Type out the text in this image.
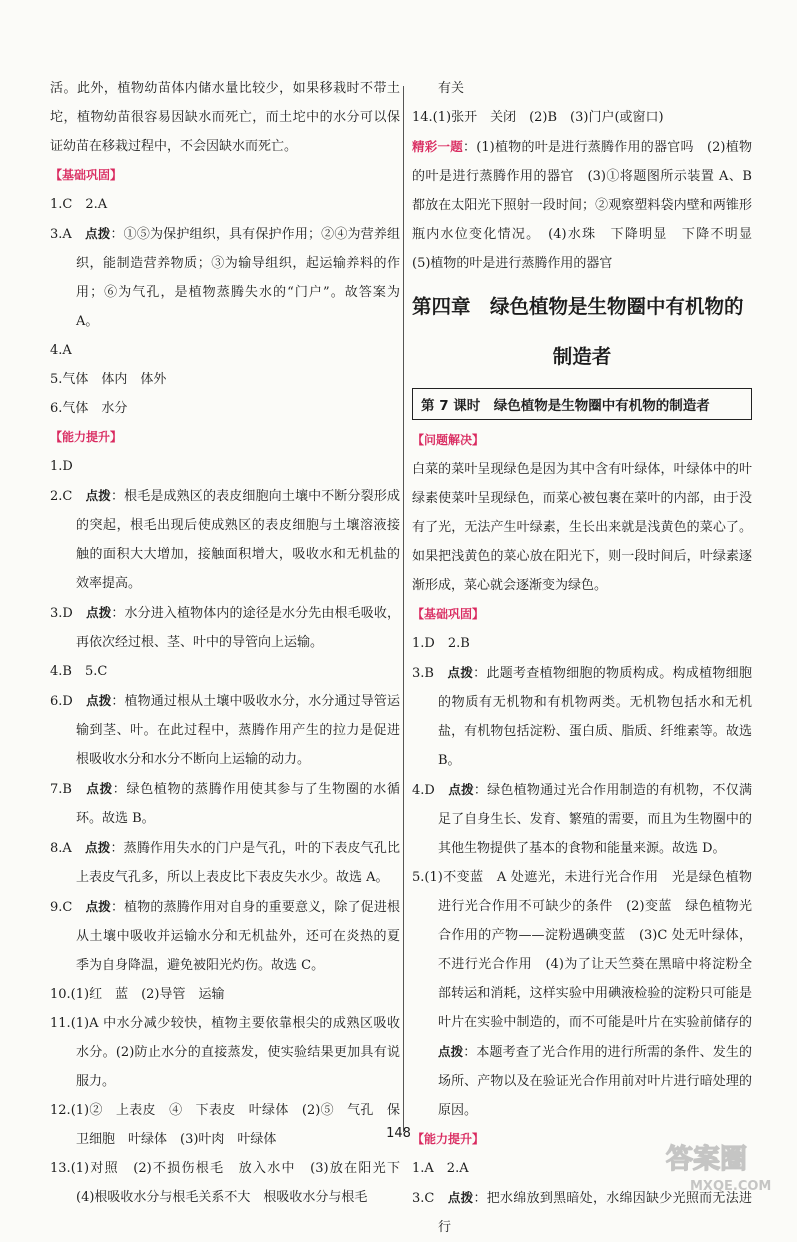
活。此外，植物幼苗体内储水量比较少，如果移栽时不带土坨，植物幼苗很容易因缺水而死亡，而土坨中的水分可以保证幼苗在移栽过程中，不会因缺水而死亡。

【基础巩固】

1.C　2.A

3.A　点拨：①⑤为保护组织，具有保护作用；②④为营养组织，能制造营养物质；③为输导组织，起运输养料的作用；⑥为气孔，是植物蒸腾失水的“门户”。故答案为 A。

4.A

5.气体　体内　体外

6.气体　水分

【能力提升】

1.D

2.C　点拨：根毛是成熟区的表皮细胞向土壤中不断分裂形成的突起，根毛出现后使成熟区的表皮细胞与土壤溶液接触的面积大大增加，接触面积增大，吸收水和无机盐的效率提高。

3.D　点拨：水分进入植物体内的途径是水分先由根毛吸收，再依次经过根、茎、叶中的导管向上运输。

4.B　5.C

6.D　点拨：植物通过根从土壤中吸收水分，水分通过导管运输到茎、叶。在此过程中，蒸腾作用产生的拉力是促进根吸收水分和水分不断向上运输的动力。

7.B　点拨：绿色植物的蒸腾作用使其参与了生物圈的水循环。故选 B。

8.A　点拨：蒸腾作用失水的门户是气孔，叶的下表皮气孔比上表皮气孔多，所以上表皮比下表皮失水少。故选 A。

9.C　点拨：植物的蒸腾作用对自身的重要意义，除了促进根从土壤中吸收并运输水分和无机盐外，还可在炎热的夏季为自身降温，避免被阳光灼伤。故选 C。

10.(1)红　蓝　(2)导管　运输

11.(1)A 中水分减少较快，植物主要依靠根尖的成熟区吸收水分。(2)防止水分的直接蒸发，使实验结果更加具有说服力。

12.(1)②　上表皮　④　下表皮　叶绿体　(2)⑤　气孔　保卫细胞　叶绿体　(3)叶肉　叶绿体

13.(1)对照　(2)不损伤根毛　放入水中　(3)放在阳光下　(4)根吸收水分与根毛关系不大　根吸收水分与根毛

有关

14.(1)张开　关闭　(2)B　(3)门户(或窗口)

精彩一题：(1)植物的叶是进行蒸腾作用的器官吗　(2)植物的叶是进行蒸腾作用的器官　(3)①将题图所示装置 A、B 都放在太阳光下照射一段时间；②观察塑料袋内壁和两锥形瓶内水位变化情况。　(4)水珠　下降明显　下降不明显　(5)植物的叶是进行蒸腾作用的器官

第四章　绿色植物是生物圈中有机物的
制造者
第 7 课时　绿色植物是生物圈中有机物的制造者
【问题解决】

白菜的菜叶呈现绿色是因为其中含有叶绿体，叶绿体中的叶绿素使菜叶呈现绿色，而菜心被包裹在菜叶的内部，由于没有了光，无法产生叶绿素，生长出来就是浅黄色的菜心了。如果把浅黄色的菜心放在阳光下，则一段时间后，叶绿素逐渐形成，菜心就会逐渐变为绿色。

【基础巩固】

1.D　2.B

3.B　点拨：此题考查植物细胞的物质构成。构成植物细胞的物质有无机物和有机物两类。无机物包括水和无机盐，有机物包括淀粉、蛋白质、脂质、纤维素等。故选 B。

4.D　点拨：绿色植物通过光合作用制造的有机物，不仅满足了自身生长、发育、繁殖的需要，而且为生物圈中的其他生物提供了基本的食物和能量来源。故选 D。

5.(1)不变蓝　A 处遮光，未进行光合作用　光是绿色植物进行光合作用不可缺少的条件　(2)变蓝　绿色植物光合作用的产物——淀粉遇碘变蓝　(3)C 处无叶绿体，不进行光合作用　(4)为了让天竺葵在黑暗中将淀粉全部转运和消耗，这样实验中用碘液检验的淀粉只可能是叶片在实验中制造的，而不可能是叶片在实验前储存的　点拨：本题考查了光合作用的进行所需的条件、发生的场所、产物以及在验证光合作用前对叶片进行暗处理的原因。

【能力提升】

1.A　2.A

3.C　点拨：把水绵放到黑暗处，水绵因缺少光照而无法进行

148
答案圈
MXQE.COM
